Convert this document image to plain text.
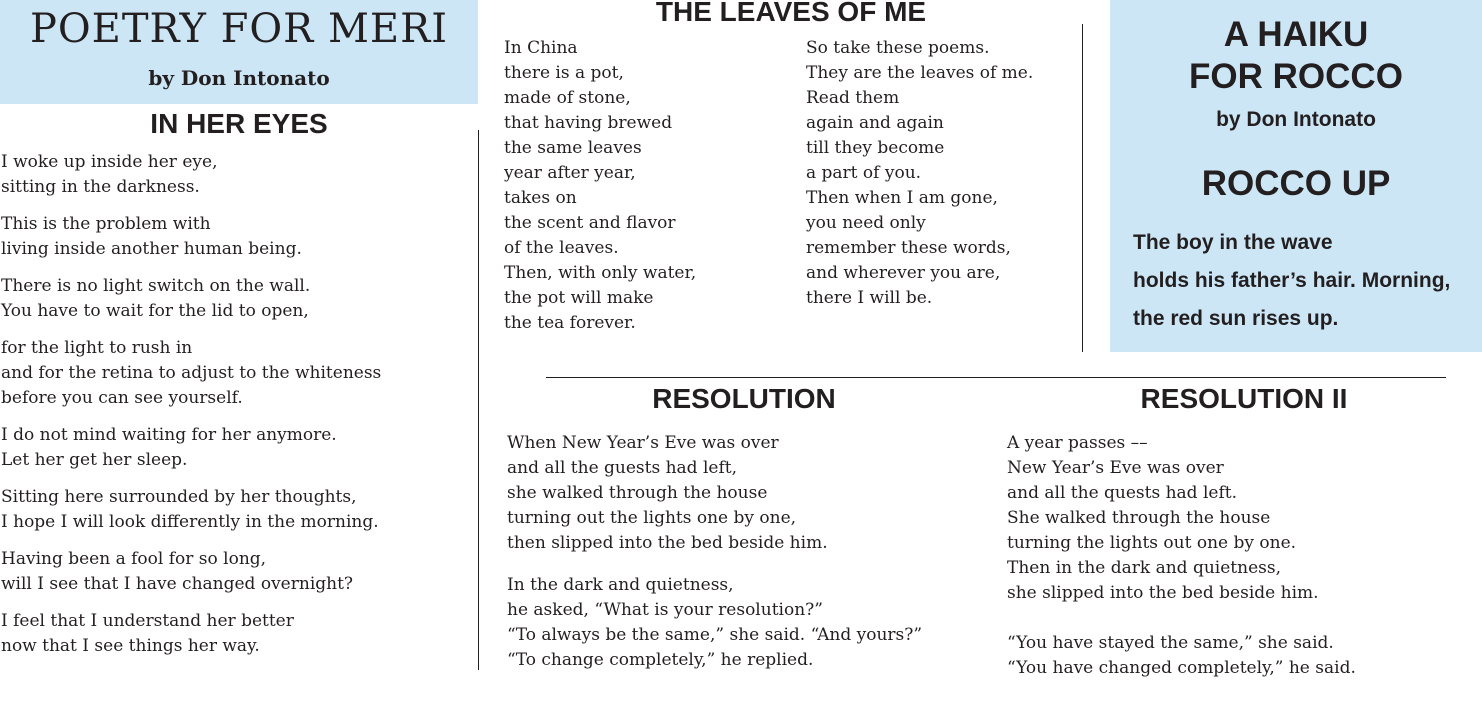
POETRY FOR MERI
by Don Intonato
IN HER EYES
I woke up inside her eye,
sitting in the darkness.
This is the problem with
living inside another human being.
There is no light switch on the wall.
You have to wait for the lid to open,
for the light to rush in
and for the retina to adjust to the whiteness
before you can see yourself.
I do not mind waiting for her anymore.
Let her get her sleep.
Sitting here surrounded by her thoughts,
I hope I will look differently in the morning.
Having been a fool for so long,
will I see that I have changed overnight?
I feel that I understand her better
now that I see things her way.
THE LEAVES OF ME
In China
there is a pot,
made of stone,
that having brewed
the same leaves
year after year,
takes on
the scent and flavor
of the leaves.
Then, with only water,
the pot will make
the tea forever.
So take these poems.
They are the leaves of me.
Read them
again and again
till they become
a part of you.
Then when I am gone,
you need only
remember these words,
and wherever you are,
there I will be.
A HAIKU
FOR ROCCO
by Don Intonato
ROCCO UP
The boy in the wave
holds his father’s hair. Morning,
the red sun rises up.
RESOLUTION
When New Year’s Eve was over
and all the guests had left,
she walked through the house
turning out the lights one by one,
then slipped into the bed beside him.
In the dark and quietness,
he asked, “What is your resolution?”
“To always be the same,” she said. “And yours?”
“To change completely,” he replied.
RESOLUTION II
A year passes ––
New Year’s Eve was over
and all the quests had left.
She walked through the house
turning the lights out one by one.
Then in the dark and quietness,
she slipped into the bed beside him.
“You have stayed the same,” she said.
“You have changed completely,” he said.
